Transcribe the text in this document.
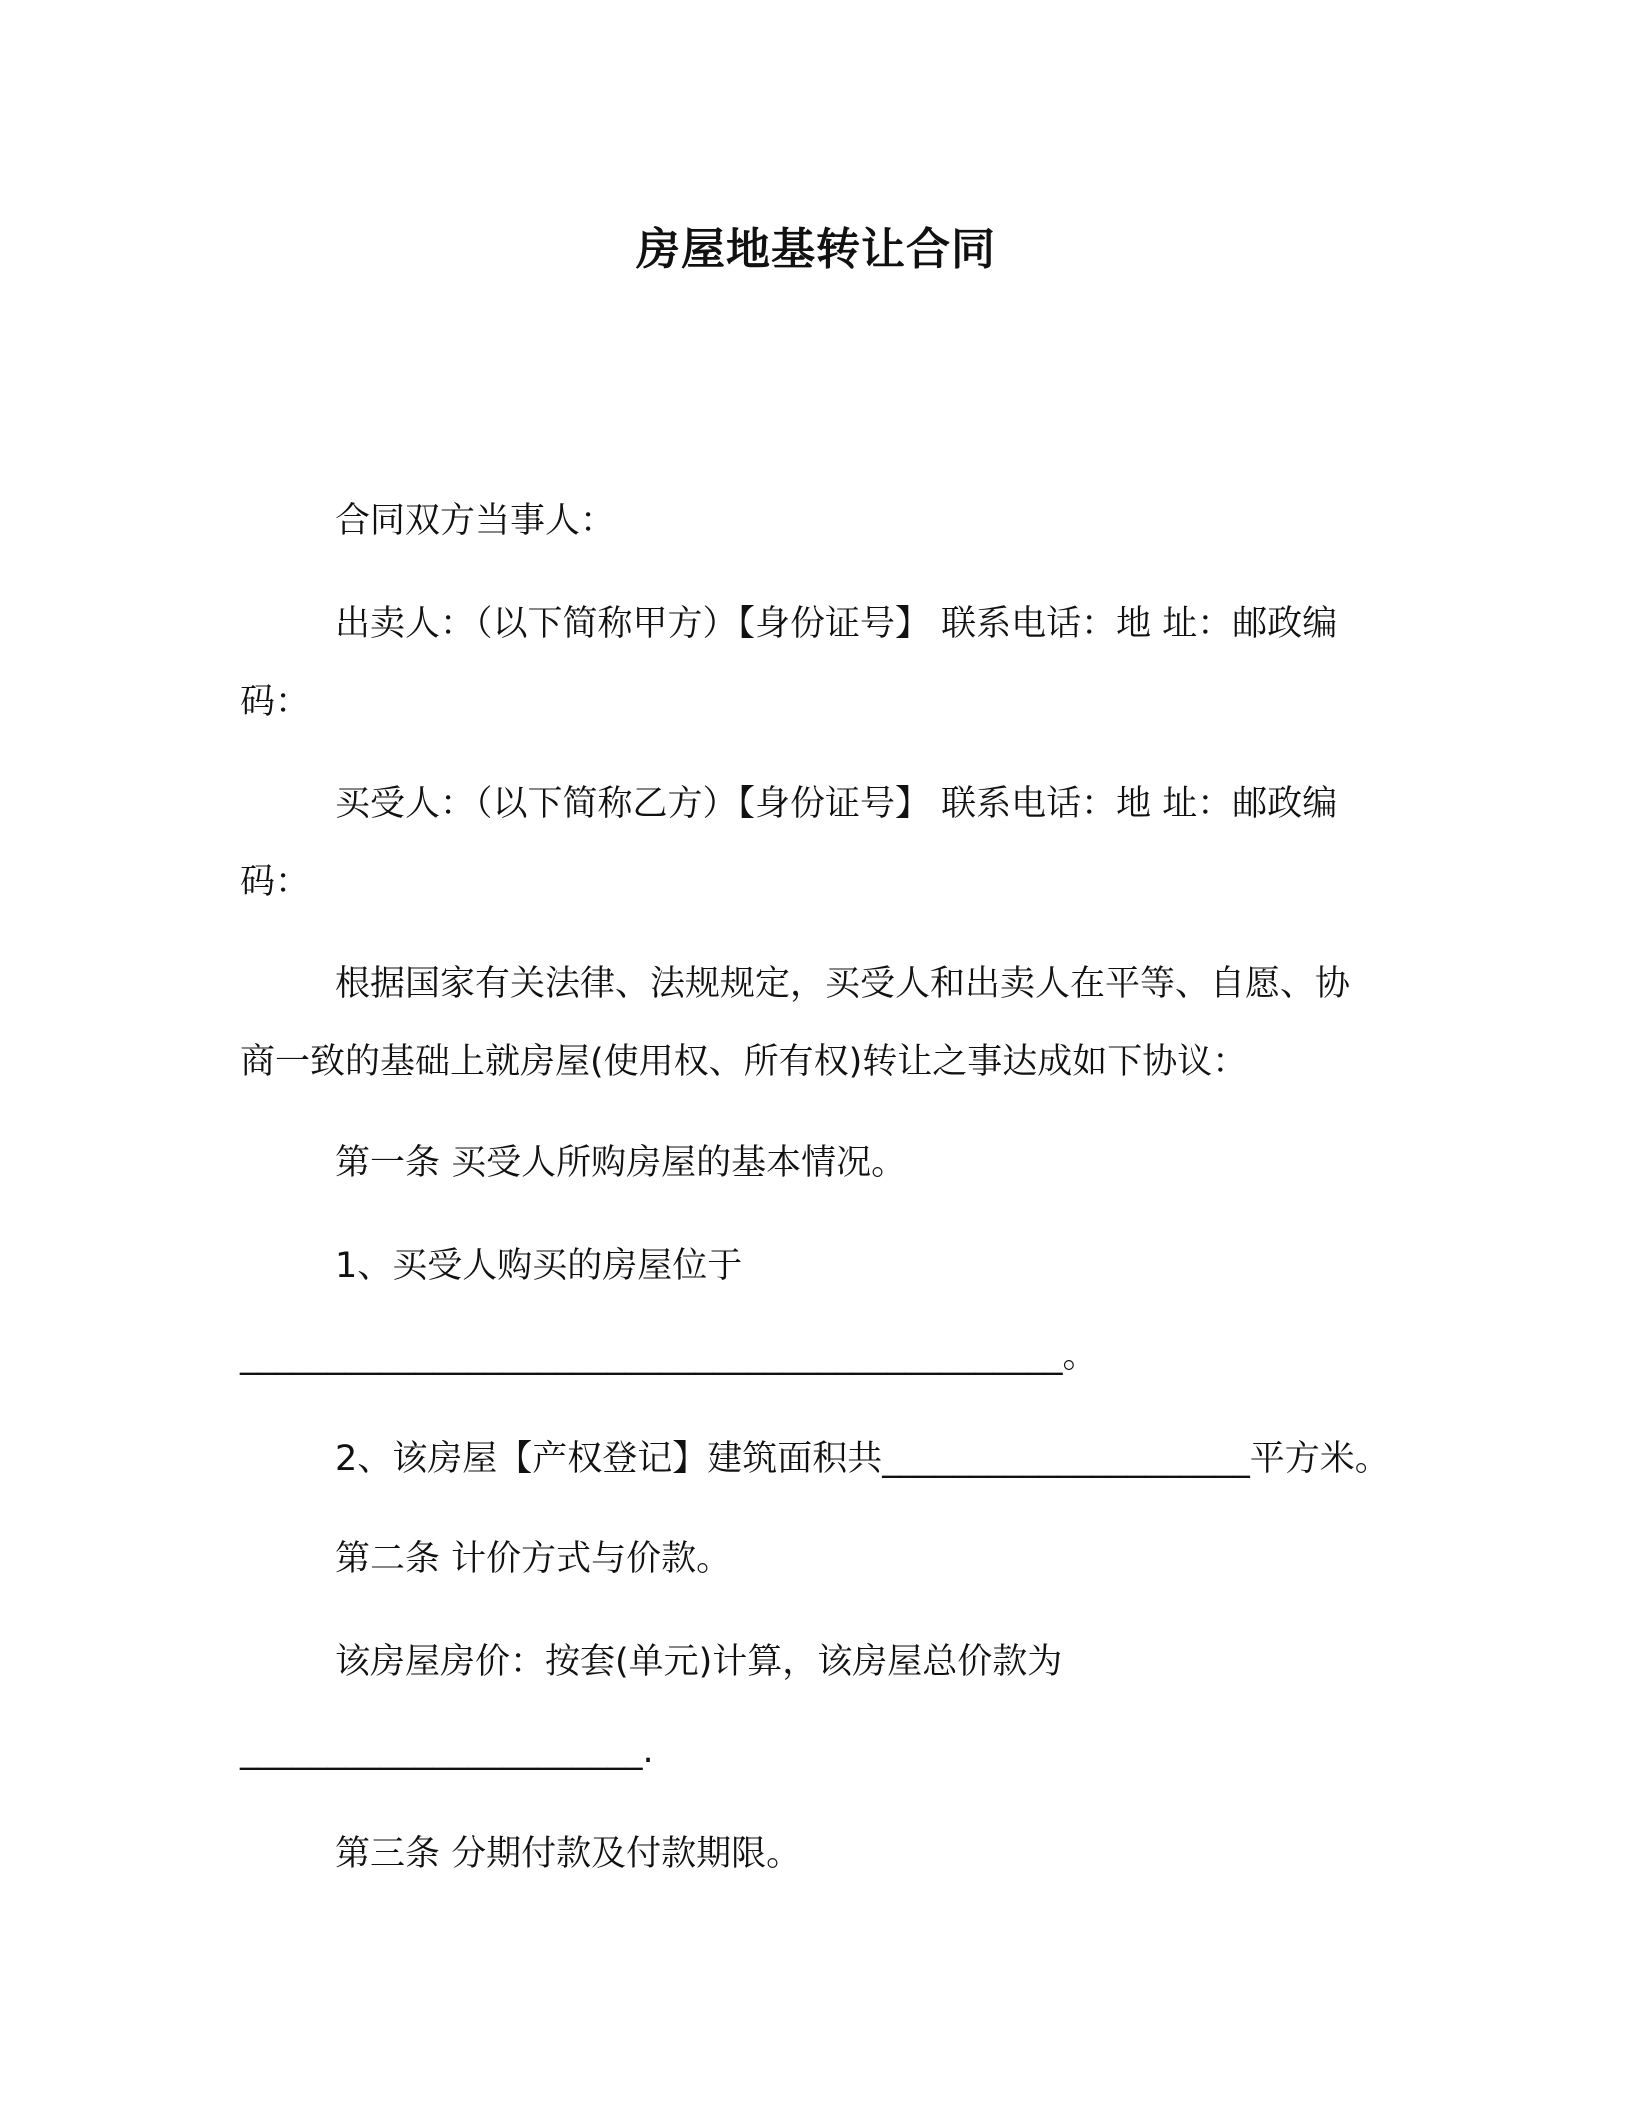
房屋地基转让合同
合同双方当事人：
出卖人：（以下简称甲方）【身份证号】 联系电话：地 址：邮政编码：
买受人：（以下简称乙方）【身份证号】 联系电话：地 址：邮政编码：
根据国家有关法律、法规规定，买受人和出卖人在平等、自愿、协商一致的基础上就房屋(使用权、所有权)转让之事达成如下协议：
第一条 买受人所购房屋的基本情况。
1、买受人购买的房屋位于
_______________________________________________。
2、该房屋【产权登记】建筑面积共_____________________平方米。
第二条 计价方式与价款。
该房屋房价：按套(单元)计算，该房屋总价款为
_______________________.
第三条 分期付款及付款期限。
